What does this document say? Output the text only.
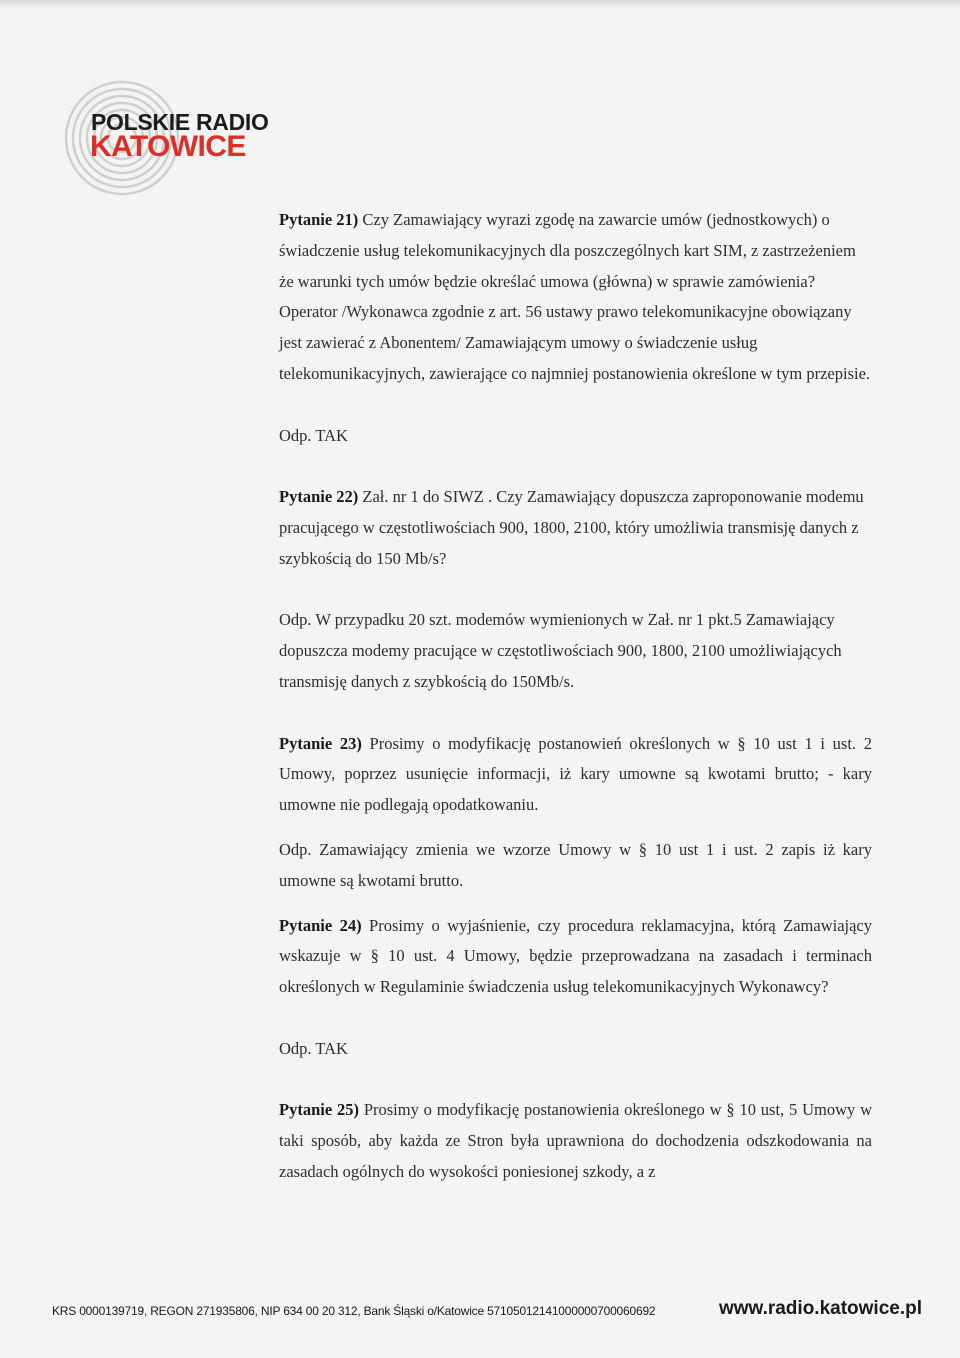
POLSKIE RADIO
KATOWICE

Pytanie 21) Czy Zamawiający wyrazi zgodę na zawarcie umów (jednostkowych) o świadczenie usług telekomunikacyjnych dla poszczególnych kart SIM, z zastrzeżeniem że warunki tych umów będzie określać umowa (główna) w sprawie zamówienia? Operator /Wykonawca zgodnie z art. 56 ustawy prawo telekomunikacyjne obowiązany jest zawierać z Abonentem/ Zamawiającym umowy o świadczenie usług telekomunikacyjnych, zawierające co najmniej postanowienia określone w tym przepisie.

Odp. TAK

Pytanie 22) Zał. nr 1 do SIWZ . Czy Zamawiający dopuszcza zaproponowanie modemu pracującego w częstotliwościach 900, 1800, 2100, który umożliwia transmisję danych z szybkością do 150 Mb/s?

Odp. W przypadku 20 szt. modemów wymienionych w Zał. nr 1 pkt.5 Zamawiający dopuszcza modemy pracujące w częstotliwościach 900, 1800, 2100 umożliwiających transmisję danych z szybkością do 150Mb/s.

Pytanie 23) Prosimy o modyfikację postanowień określonych w § 10 ust 1 i ust. 2 Umowy, poprzez usunięcie informacji, iż kary umowne są kwotami brutto; - kary umowne nie podlegają opodatkowaniu.

Odp. Zamawiający zmienia we wzorze Umowy w § 10 ust 1 i ust. 2 zapis iż kary umowne są kwotami brutto.

Pytanie 24) Prosimy o wyjaśnienie, czy procedura reklamacyjna, którą Zamawiający wskazuje w § 10 ust. 4 Umowy, będzie przeprowadzana na zasadach i terminach określonych w Regulaminie świadczenia usług telekomunikacyjnych Wykonawcy?

Odp. TAK

Pytanie 25) Prosimy o modyfikację postanowienia określonego w § 10 ust, 5 Umowy w taki sposób, aby każda ze Stron była uprawniona do dochodzenia odszkodowania na zasadach ogólnych do wysokości poniesionej szkody, a z

KRS 0000139719, REGON 271935806, NIP 634 00 20 312, Bank Śląski o/Katowice 57105012141000000700060692	www.radio.katowice.pl
